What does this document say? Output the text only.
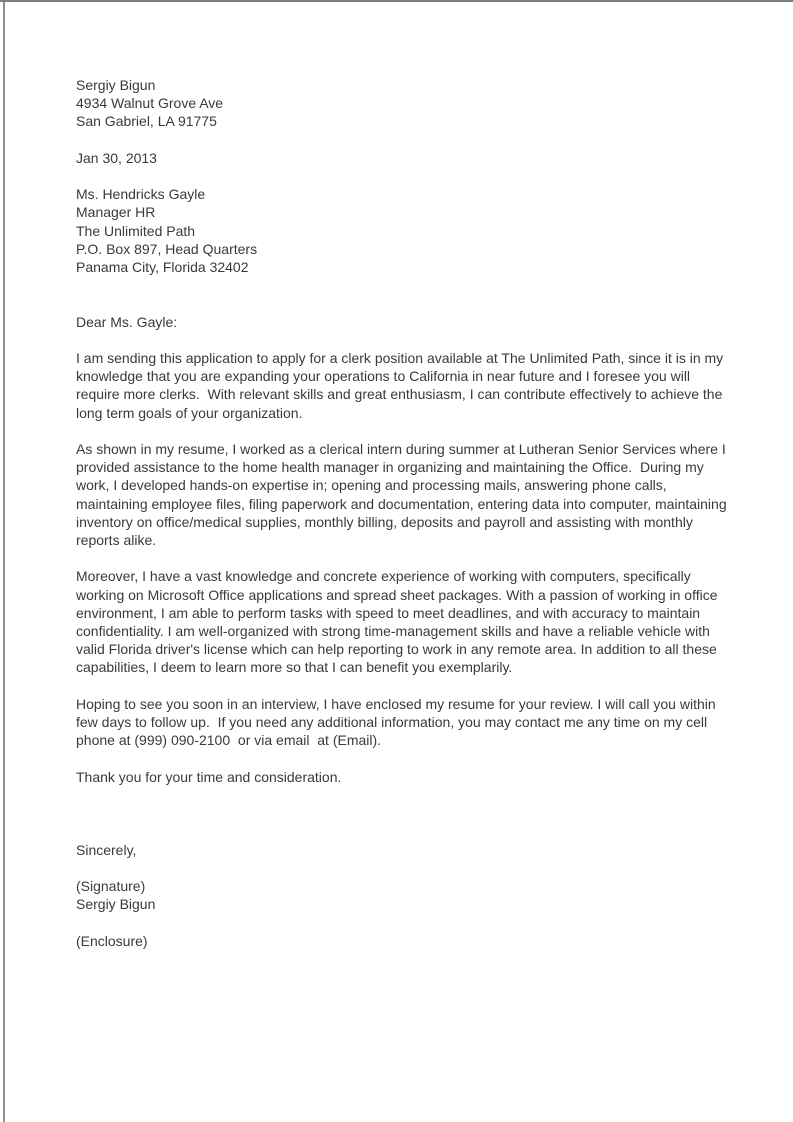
Sergiy Bigun
4934 Walnut Grove Ave
San Gabriel, LA 91775
Jan 30, 2013
Ms. Hendricks Gayle
Manager HR
The Unlimited Path
P.O. Box 897, Head Quarters
Panama City, Florida 32402
Dear Ms. Gayle:

I am sending this application to apply for a clerk position available at The Unlimited Path, since it is in my knowledge that you are expanding your operations to California in near future and I foresee you will require more clerks.  With relevant skills and great enthusiasm, I can contribute effectively to achieve the long term goals of your organization.

As shown in my resume, I worked as a clerical intern during summer at Lutheran Senior Services where I provided assistance to the home health manager in organizing and maintaining the Office.  During my work, I developed hands-on expertise in; opening and processing mails, answering phone calls, maintaining employee files, filing paperwork and documentation, entering data into computer, maintaining inventory on office/medical supplies, monthly billing, deposits and payroll and assisting with monthly reports alike.

Moreover, I have a vast knowledge and concrete experience of working with computers, specifically working on Microsoft Office applications and spread sheet packages. With a passion of working in office environment, I am able to perform tasks with speed to meet deadlines, and with accuracy to maintain confidentiality. I am well-organized with strong time-management skills and have a reliable vehicle with valid Florida driver's license which can help reporting to work in any remote area. In addition to all these capabilities, I deem to learn more so that I can benefit you exemplarily.

Hoping to see you soon in an interview, I have enclosed my resume for your review. I will call you within few days to follow up.  If you need any additional information, you may contact me any time on my cell phone at (999) 090-2100  or via email  at (Email).

Thank you for your time and consideration.

Sincerely,
(Signature)
Sergiy Bigun
(Enclosure)
